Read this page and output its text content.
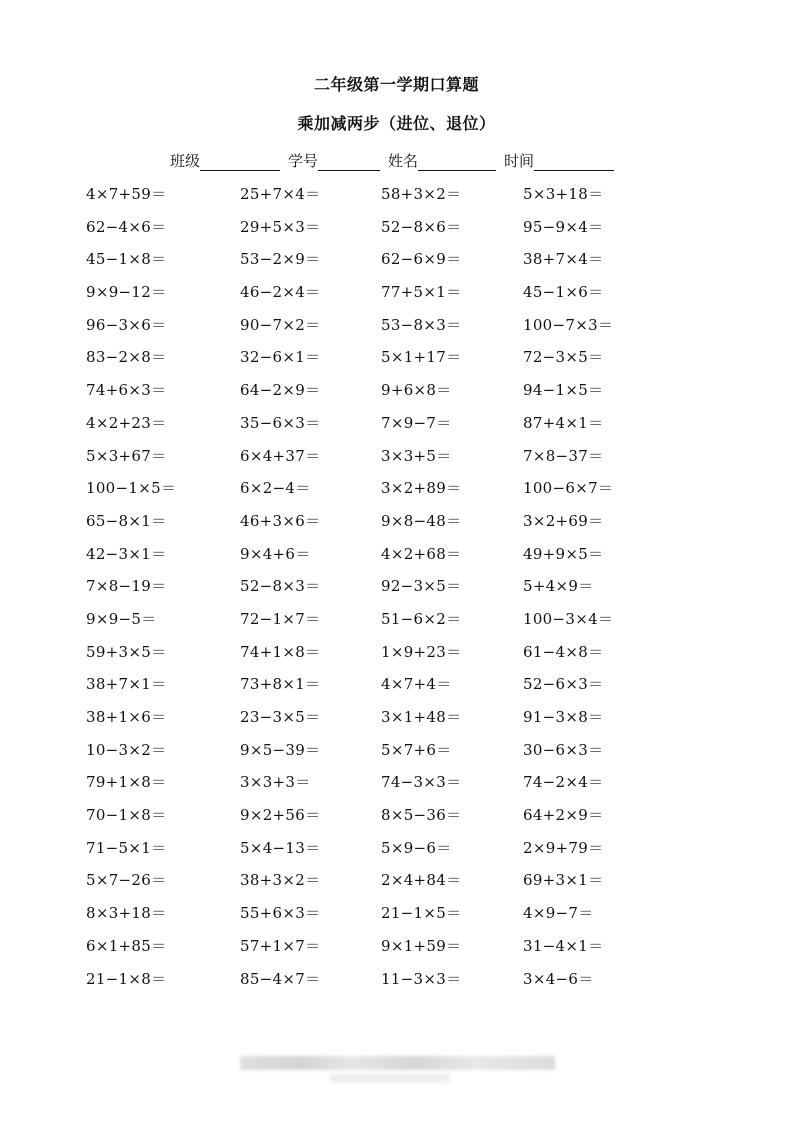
二年级第一学期口算题
乘加减两步（进位、退位）
班级	学号	姓名	时间
4×7+59＝	25+7×4＝	58+3×2＝	5×3+18＝
62−4×6＝	29+5×3＝	52−8×6＝	95−9×4＝
45−1×8＝	53−2×9＝	62−6×9＝	38+7×4＝
9×9−12＝	46−2×4＝	77+5×1＝	45−1×6＝
96−3×6＝	90−7×2＝	53−8×3＝	100−7×3＝
83−2×8＝	32−6×1＝	5×1+17＝	72−3×5＝
74+6×3＝	64−2×9＝	9+6×8＝	94−1×5＝
4×2+23＝	35−6×3＝	7×9−7＝	87+4×1＝
5×3+67＝	6×4+37＝	3×3+5＝	7×8−37＝
100−1×5＝	6×2−4＝	3×2+89＝	100−6×7＝
65−8×1＝	46+3×6＝	9×8−48＝	3×2+69＝
42−3×1＝	9×4+6＝	4×2+68＝	49+9×5＝
7×8−19＝	52−8×3＝	92−3×5＝	5+4×9＝
9×9−5＝	72−1×7＝	51−6×2＝	100−3×4＝
59+3×5＝	74+1×8＝	1×9+23＝	61−4×8＝
38+7×1＝	73+8×1＝	4×7+4＝	52−6×3＝
38+1×6＝	23−3×5＝	3×1+48＝	91−3×8＝
10−3×2＝	9×5−39＝	5×7+6＝	30−6×3＝
79+1×8＝	3×3+3＝	74−3×3＝	74−2×4＝
70−1×8＝	9×2+56＝	8×5−36＝	64+2×9＝
71−5×1＝	5×4−13＝	5×9−6＝	2×9+79＝
5×7−26＝	38+3×2＝	2×4+84＝	69+3×1＝
8×3+18＝	55+6×3＝	21−1×5＝	4×9−7＝
6×1+85＝	57+1×7＝	9×1+59＝	31−4×1＝
21−1×8＝	85−4×7＝	11−3×3＝	3×4−6＝
